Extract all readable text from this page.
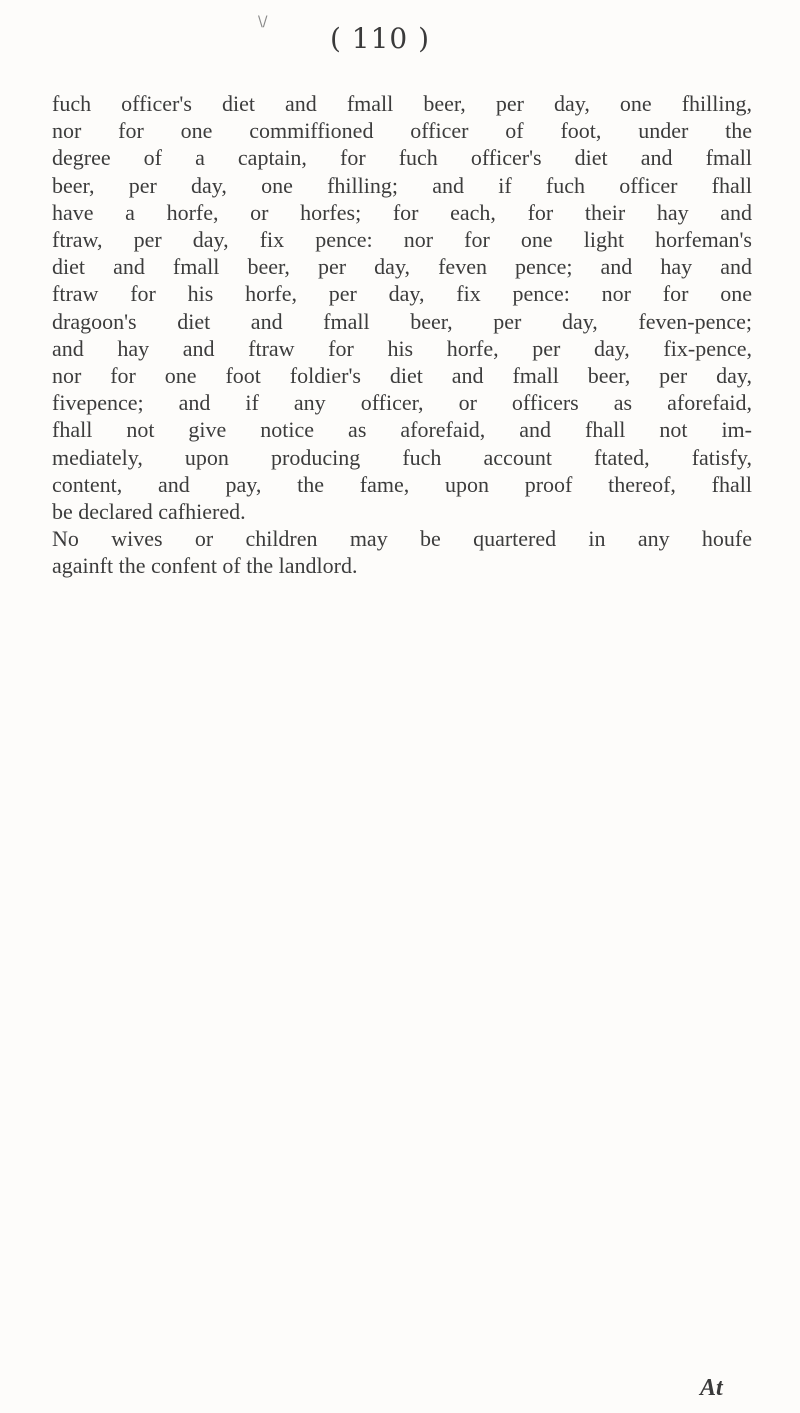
\/	( 110 )
fuch officer's diet and fmall beer, per day, one fhilling,
nor for one commiffioned officer of foot, under the
degree of a captain, for fuch officer's diet and fmall
beer, per day, one fhilling; and if fuch officer fhall
have a horfe, or horfes; for each, for their hay and
ftraw, per day, fix pence: nor for one light horfeman's
diet and fmall beer, per day, feven pence; and hay and
ftraw for his horfe, per day, fix pence: nor for one
dragoon's diet and fmall beer, per day, feven-pence;
and hay and ftraw for his horfe, per day, fix-pence,
nor for one foot foldier's diet and fmall beer, per day,
fivepence; and if any officer, or officers as aforefaid,
fhall not give notice as aforefaid, and fhall not im-
mediately, upon producing fuch account ftated, fatisfy,
content, and pay, the fame, upon proof thereof, fhall
be declared cafhiered.
No wives or children may be quartered in any houfe
againft the confent of the landlord.
At
